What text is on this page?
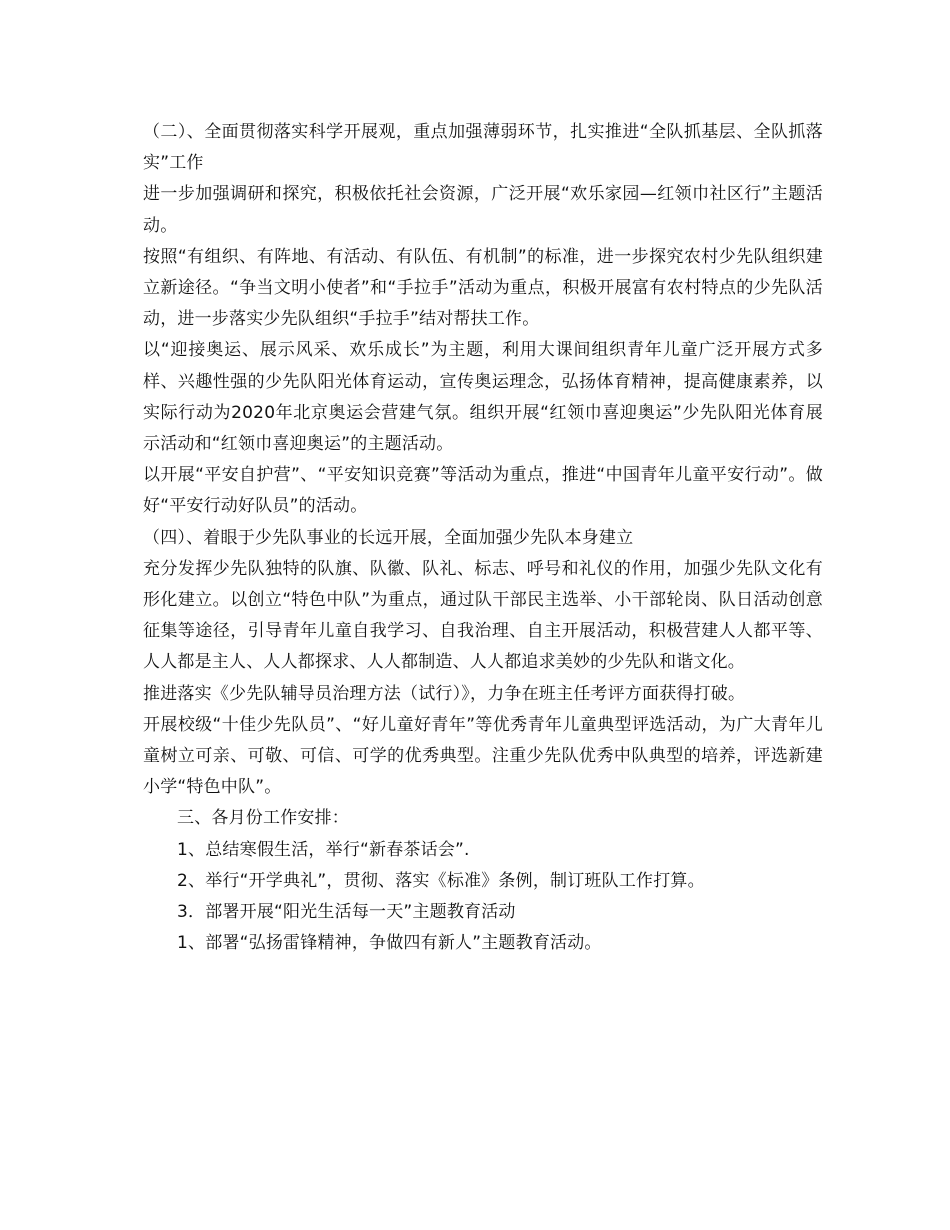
（二）、全面贯彻落实科学开展观，重点加强薄弱环节，扎实推进“全队抓基层、全队抓落实”工作

进一步加强调研和探究，积极依托社会资源，广泛开展“欢乐家园—红领巾社区行”主题活动。

按照“有组织、有阵地、有活动、有队伍、有机制”的标准，进一步探究农村少先队组织建立新途径。“争当文明小使者”和“手拉手”活动为重点，积极开展富有农村特点的少先队活动，进一步落实少先队组织“手拉手”结对帮扶工作。

以“迎接奥运、展示风采、欢乐成长”为主题，利用大课间组织青年儿童广泛开展方式多样、兴趣性强的少先队阳光体育运动，宣传奥运理念，弘扬体育精神，提高健康素养，以实际行动为2020年北京奥运会营建气氛。组织开展“红领巾喜迎奥运”少先队阳光体育展示活动和“红领巾喜迎奥运”的主题活动。

以开展“平安自护营”、“平安知识竞赛”等活动为重点，推进“中国青年儿童平安行动”。做好“平安行动好队员”的活动。

（四）、着眼于少先队事业的长远开展，全面加强少先队本身建立

充分发挥少先队独特的队旗、队徽、队礼、标志、呼号和礼仪的作用，加强少先队文化有形化建立。以创立“特色中队”为重点，通过队干部民主选举、小干部轮岗、队日活动创意征集等途径，引导青年儿童自我学习、自我治理、自主开展活动，积极营建人人都平等、人人都是主人、人人都探求、人人都制造、人人都追求美妙的少先队和谐文化。

推进落实《少先队辅导员治理方法（试行）》，力争在班主任考评方面获得打破。

开展校级“十佳少先队员”、“好儿童好青年”等优秀青年儿童典型评选活动，为广大青年儿童树立可亲、可敬、可信、可学的优秀典型。注重少先队优秀中队典型的培养，评选新建小学“特色中队”。

三、各月份工作安排：

1、总结寒假生活，举行“新春茶话会”.

2、举行“开学典礼”，贯彻、落实《标准》条例，制订班队工作打算。

3．部署开展“阳光生活每一天”主题教育活动

1、部署“弘扬雷锋精神，争做四有新人”主题教育活动。
